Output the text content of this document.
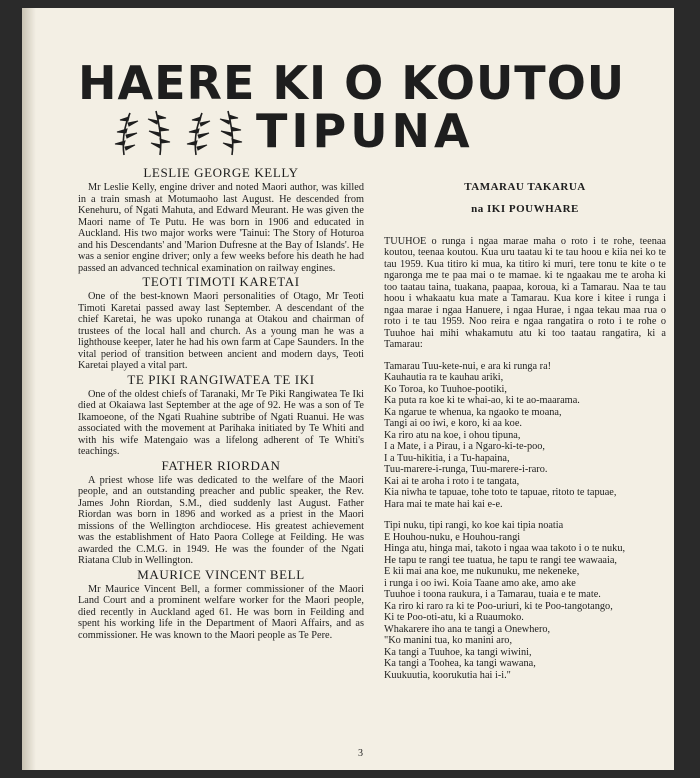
HAERE KI O KOUTOU
TIPUNA

LESLIE GEORGE KELLY

Mr Leslie Kelly, engine driver and noted Maori author, was killed in a train smash at Motumaoho last August. He descended from Kenehuru, of Ngati Mahuta, and Edward Meurant. He was given the Maori name of Te Putu. He was born in 1906 and educated in Auckland. His two major works were 'Tainui: The Story of Hoturoa and his Descendants' and 'Marion Dufresne at the Bay of Islands'. He was a senior engine driver; only a few weeks before his death he had passed an advanced technical examination on railway engines.

TEOTI TIMOTI KARETAI

One of the best-known Maori personalities of Otago, Mr Teoti Timoti Karetai passed away last September. A descendant of the chief Karetai, he was upoko runanga at Otakou and chairman of trustees of the local hall and church. As a young man he was a lighthouse keeper, later he had his own farm at Cape Saunders. In the vital period of transition between ancient and modern days, Teoti Karetai played a vital part.

TE PIKI RANGIWATEA TE IKI

One of the oldest chiefs of Taranaki, Mr Te Piki Rangiwatea Te Iki died at Okaiawa last September at the age of 92. He was a son of Te Ikamoeone, of the Ngati Ruahine subtribe of Ngati Ruanui. He was associated with the movement at Parihaka initiated by Te Whiti and with his wife Matengaio was a lifelong adherent of Te Whiti's teachings.

FATHER RIORDAN

A priest whose life was dedicated to the welfare of the Maori people, and an outstanding preacher and public speaker, the Rev. James John Riordan, S.M., died suddenly last August. Father Riordan was born in 1896 and worked as a priest in the Maori missions of the Wellington archdiocese. His greatest achievement was the establishment of Hato Paora College at Feilding. He was awarded the C.M.G. in 1949. He was the founder of the Ngati Riatana Club in Wellington.

MAURICE VINCENT BELL

Mr Maurice Vincent Bell, a former commissioner of the Maori Land Court and a prominent welfare worker for the Maori people, died recently in Auckland aged 61. He was born in Feilding and spent his working life in the Department of Maori Affairs, and as commissioner. He was known to the Maori people as Te Pere.

TAMARAU TAKARUA

na IKI POUWHARE

TUUHOE o runga i ngaa marae maha o roto i te rohe, teenaa koutou, teenaa koutou. Kua uru taatau ki te tau hoou e kiia nei ko te tau 1959. Kua titiro ki mua, ka titiro ki muri, tere tonu te kite o te ngaronga me te paa mai o te mamae. ki te ngaakau me te aroha ki too taatau taina, tuakana, paapaa, koroua, ki a Tamarau. Naa te tau hoou i whakaatu kua mate a Tamarau. Kua kore i kitee i runga i ngaa marae i ngaa Hanuere, i ngaa Hurae, i ngaa tekau maa rua o roto i te tau 1959. Noo reira e ngaa rangatira o roto i te rohe o Tuuhoe hai mihi whakamutu atu ki too taatau rangatira, ki a Tamarau:

Tamarau Tuu-kete-nui, e ara ki runga ra!
Kauhautia ra te kauhau ariki,
Ko Toroa, ko Tuuhoe-pootiki,
Ka puta ra koe ki te whai-ao, ki te ao-maarama.
Ka ngarue te whenua, ka ngaoko te moana,
Tangi ai oo iwi, e koro, ki aa koe.
Ka riro atu na koe, i ohou tipuna,
I a Mate, i a Pirau, i a Ngaro-ki-te-poo,
I a Tuu-hikitia, i a Tu-hapaina,
Tuu-marere-i-runga, Tuu-marere-i-raro.
Kai ai te aroha i roto i te tangata,
Kia niwha te tapuae, tohe toto te tapuae, ritoto te tapuae,
Hara mai te mate hai kai e-e.
Tipi nuku, tipi rangi, ko koe kai tipia noatia
E Houhou-nuku, e Houhou-rangi
Hinga atu, hinga mai, takoto i ngaa waa takoto i o te nuku,
He tapu te rangi tee tuatua, he tapu te rangi tee wawaaia,
E kii mai ana koe, me nukunuku, me nekeneke,
i runga i oo iwi. Koia Taane amo ake, amo ake
Tuuhoe i toona raukura, i a Tamarau, tuaia e te mate.
Ka riro ki raro ra ki te Poo-uriuri, ki te Poo-tangotango,
Ki te Poo-oti-atu, ki a Ruaumoko.
Whakarere iho ana te tangi a Onewhero,
"Ko manini tua, ko manini aro,
Ka tangi a Tuuhoe, ka tangi wiwini,
Ka tangi a Toohea, ka tangi wawana,
Kuukuutia, koorukutia hai i-i."
3
